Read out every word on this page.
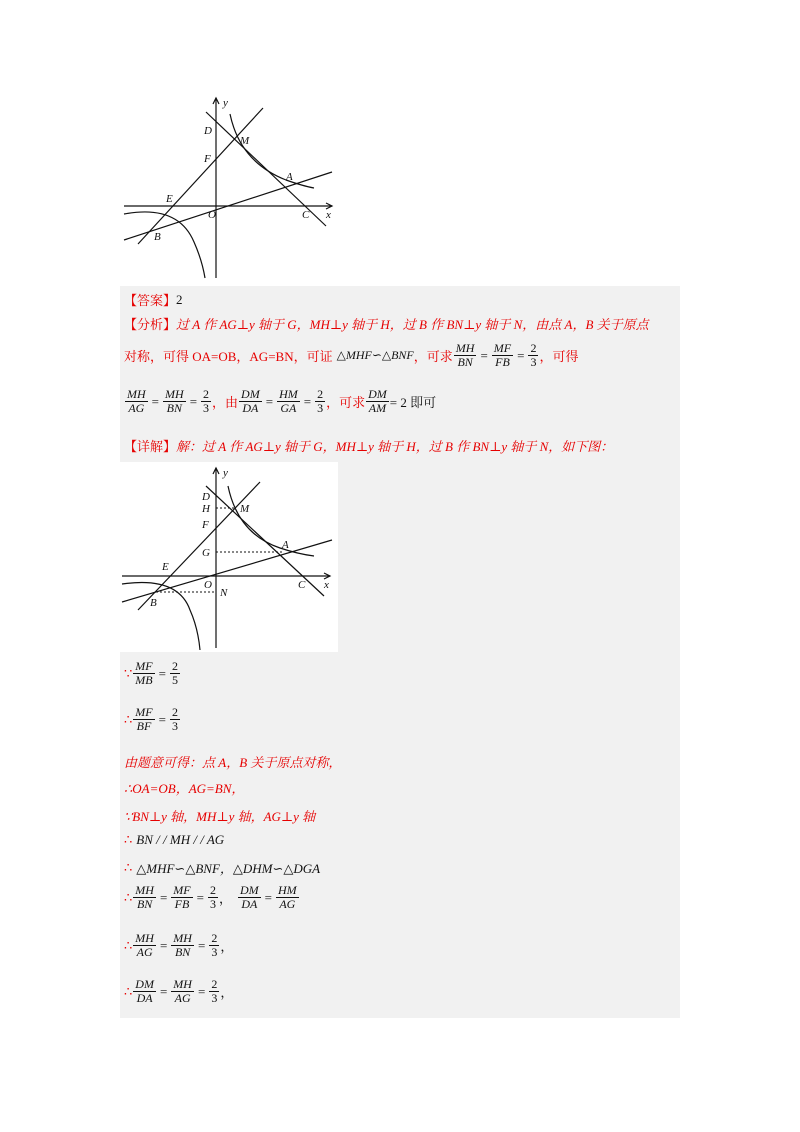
y
x
D
M
F
A
E
O	C
B
【答案】 2
【分析】 过 A 作 AG⊥y 轴于 G，MH⊥y 轴于 H，过 B 作 BN⊥y 轴于 N，由点 A，B 关于原点
对称，可得 OA=OB，AG=BN，可证 △MHF∽△BNF ，可求 $\frac{MH}{BN} = \frac{MF}{FB} = \frac{2}{3}$ ，可得
$\frac{MH}{AG} = \frac{MH}{BN} = \frac{2}{3}$ ，由 $\frac{DM}{DA} = \frac{HM}{GA} = \frac{2}{3}$ ，可求 $\frac{DM}{AM} = 2$ 即可
【详解】 解：过 A 作 AG⊥y 轴于 G，MH⊥y 轴于 H，过 B 作 BN⊥y 轴于 N，如下图：
y
x
D
H	M
F
G
A
E
O
N
C
B
∵ $\frac{MF}{MB} = \frac{2}{5}$
∴ $\frac{MF}{BF} = \frac{2}{3}$
由题意可得：点 A，B 关于原点对称，
∴OA=OB，AG=BN，
∵BN⊥y 轴，MH⊥y 轴，AG⊥y 轴
∴ BN / / MH / / AG
∴ △MHF∽△BNF，△DHM∽△DGA
∴ $\frac{MH}{BN} = \frac{MF}{FB} = \frac{2}{3}$ ， $\frac{DM}{DA} = \frac{HM}{AG}$
∴ $\frac{MH}{AG} = \frac{MH}{BN} = \frac{2}{3}$ ，
∴ $\frac{DM}{DA} = \frac{MH}{AG} = \frac{2}{3}$ ，
